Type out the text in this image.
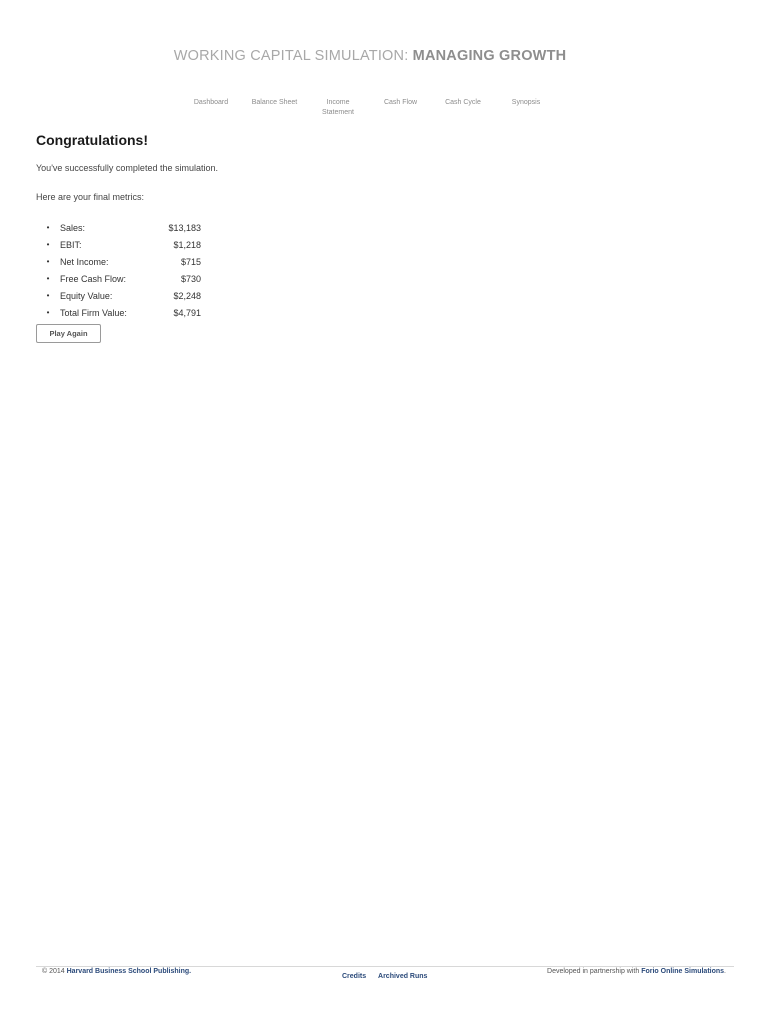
WORKING CAPITAL SIMULATION: MANAGING GROWTH
Dashboard	Balance Sheet	Income
Statement
Cash Flow	Cash Cycle	Synopsis
Congratulations!

You've successfully completed the simulation.

Here are your final metrics:

•	Sales:	$13,183
•	EBIT:	$1,218
•	Net Income:	$715
•	Free Cash Flow:	$730
•	Equity Value:	$2,248
•	Total Firm Value:	$4,791
Play Again
© 2014 Harvard Business School Publishing.
Credits Archived Runs
Developed in partnership with Forio Online Simulations.
